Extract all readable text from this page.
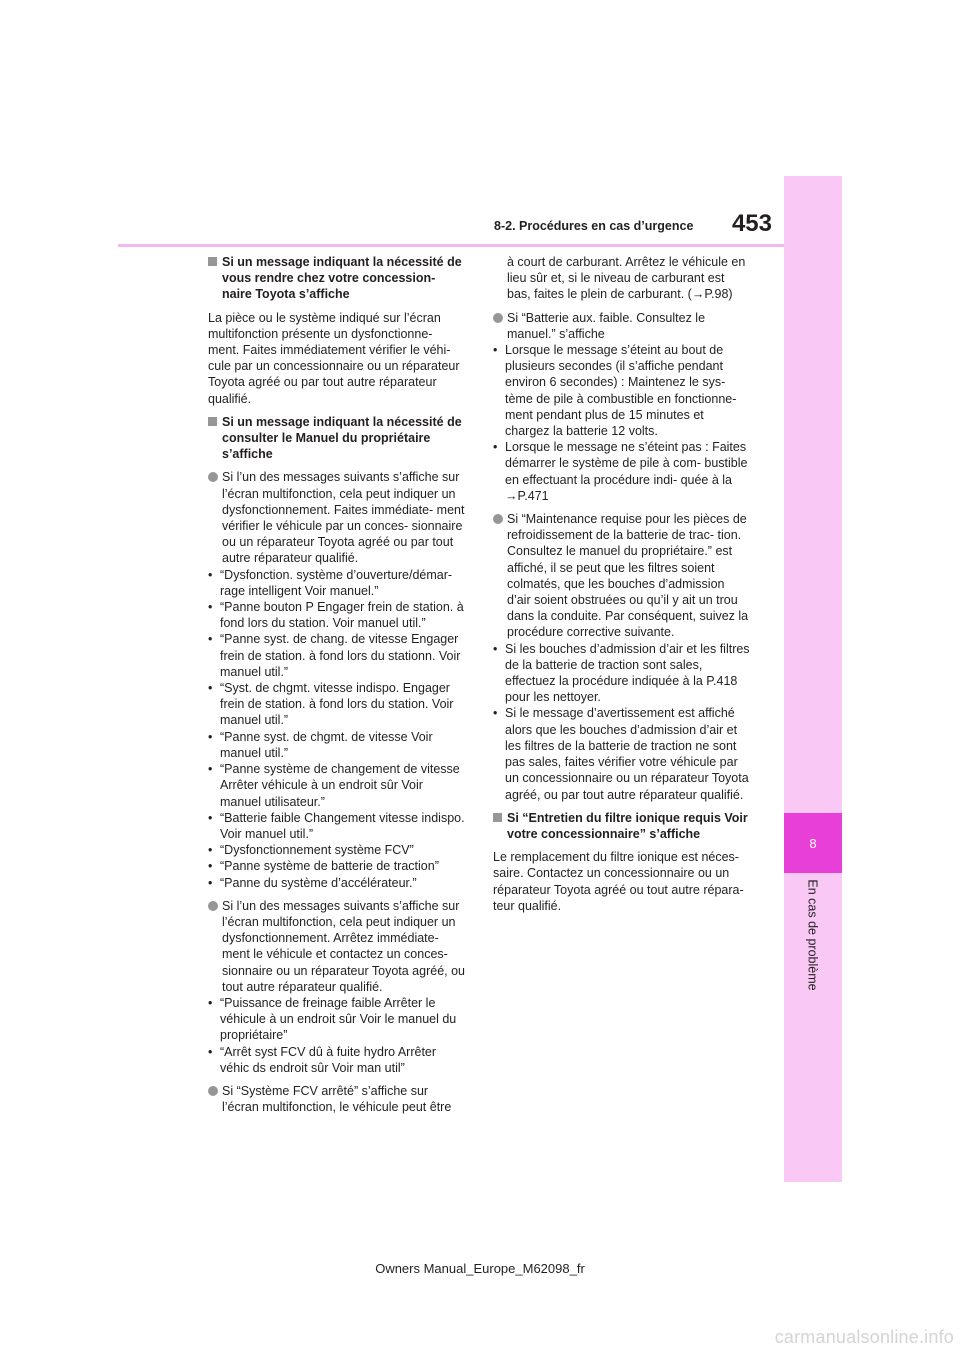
8
En cas de problème
453
8-2. Procédures en cas d’urgence

Si un message indiquant la nécessité de vous rendre chez votre concession- naire Toyota s’affiche

La pièce ou le système indiqué sur l’écran multifonction présente un dysfonctionne- ment. Faites immédiatement vérifier le véhi- cule par un concessionnaire ou un réparateur Toyota agréé ou par tout autre réparateur qualifié.

Si un message indiquant la nécessité de consulter le Manuel du propriétaire s’affiche

Si l’un des messages suivants s’affiche sur l’écran multifonction, cela peut indiquer un dysfonctionnement. Faites immédiate- ment vérifier le véhicule par un conces- sionnaire ou un réparateur Toyota agréé ou par tout autre réparateur qualifié.

• “Dysfonction. système d’ouverture/démar- rage intelligent Voir manuel.”

• “Panne bouton P Engager frein de station. à fond lors du station. Voir manuel util.”

• “Panne syst. de chang. de vitesse Engager frein de station. à fond lors du stationn. Voir manuel util.”

• “Syst. de chgmt. vitesse indispo. Engager frein de station. à fond lors du station. Voir manuel util.”

• “Panne syst. de chgmt. de vitesse Voir manuel util.”

• “Panne système de changement de vitesse Arrêter véhicule à un endroit sûr Voir manuel utilisateur.”

• “Batterie faible Changement vitesse indispo. Voir manuel util.”

• “Dysfonctionnement système FCV”

• “Panne système de batterie de traction”

• “Panne du système d’accélérateur.”

Si l’un des messages suivants s’affiche sur l’écran multifonction, cela peut indiquer un dysfonctionnement. Arrêtez immédiate- ment le véhicule et contactez un conces- sionnaire ou un réparateur Toyota agréé, ou tout autre réparateur qualifié.

• “Puissance de freinage faible Arrêter le véhicule à un endroit sûr Voir le manuel du propriétaire”

• “Arrêt syst FCV dû à fuite hydro Arrêter véhic ds endroit sûr Voir man util”

Si “Système FCV arrêté” s’affiche sur l’écran multifonction, le véhicule peut être

à court de carburant. Arrêtez le véhicule en lieu sûr et, si le niveau de carburant est bas, faites le plein de carburant. (→P.98)

Si “Batterie aux. faible. Consultez le manuel.” s’affiche

• Lorsque le message s’éteint au bout de plusieurs secondes (il s’affiche pendant environ 6 secondes) : Maintenez le sys- tème de pile à combustible en fonctionne- ment pendant plus de 15 minutes et chargez la batterie 12 volts.

• Lorsque le message ne s’éteint pas : Faites démarrer le système de pile à com- bustible en effectuant la procédure indi- quée à la →P.471

Si “Maintenance requise pour les pièces de refroidissement de la batterie de trac- tion. Consultez le manuel du propriétaire.” est affiché, il se peut que les filtres soient colmatés, que les bouches d’admission d’air soient obstruées ou qu’il y ait un trou dans la conduite. Par conséquent, suivez la procédure corrective suivante.

• Si les bouches d’admission d’air et les filtres de la batterie de traction sont sales, effectuez la procédure indiquée à la P.418 pour les nettoyer.

• Si le message d’avertissement est affiché alors que les bouches d’admission d’air et les filtres de la batterie de traction ne sont pas sales, faites vérifier votre véhicule par un concessionnaire ou un réparateur Toyota agréé, ou par tout autre réparateur qualifié.

Si “Entretien du filtre ionique requis Voir votre concessionnaire” s’affiche

Le remplacement du filtre ionique est néces- saire. Contactez un concessionnaire ou un réparateur Toyota agréé ou tout autre répara- teur qualifié.

Owners Manual_Europe_M62098_fr
carmanualsonline.info
